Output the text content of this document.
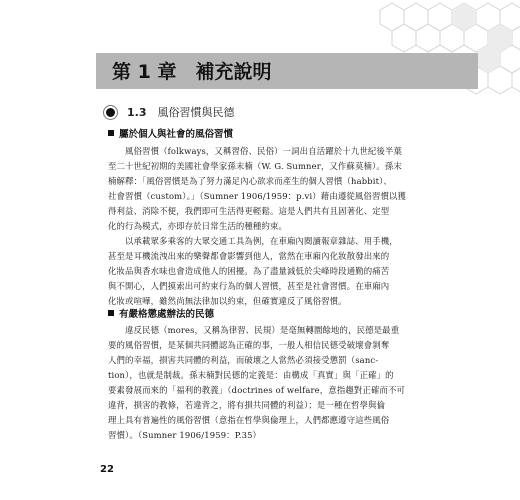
第 1 章　補充說明
1.3 風俗習慣與民德
屬於個人與社會的風俗習慣

風俗習慣（folkways，又稱習俗、民俗）一詞出自活躍於十九世紀後半葉
至二十世紀初期的美國社會學家孫末楠（W. G. Sumner，又作蘇莫楠）。孫末
楠解釋：「風俗習慣是為了努力滿足內心欲求而產生的個人習慣（habbit）、
社會習慣（custom）。」（Sumner 1906/1959：p.vi）藉由遵從風俗習慣以獲
得利益、消除不便，我們即可生活得更輕鬆。這是人們共有且固著化、定型
化的行為模式，亦即存於日常生活的種種約束。

以承載眾多乘客的大眾交通工具為例，在車廂內閱讀報章雜誌、用手機，
甚至是耳機流洩出來的樂聲都會影響到他人，當然在車廂內化妝散發出來的
化妝品與香水味也會造成他人的困擾。為了盡量減低於尖峰時段通勤的痛苦
與不開心，人們摸索出可約束行為的個人習慣，甚至是社會習慣。在車廂內
化妝或喧嘩，雖然尚無法律加以約束，但確實違反了風俗習慣。

有嚴格懲處辦法的民德

違反民德（mores，又稱為律習、民規）是毫無轉圜餘地的，民德是最重
要的風俗習慣，是某個共同體認為正確的事，一般人相信民德受破壞會剝奪
人們的幸福，損害共同體的利益，而破壞之人當然必須接受懲罰（sanc-
tion），也就是制裁。孫末楠對民德的定義是：由構成「真實」與「正確」的
要素發展而來的「福利的教義」（doctrines of welfare，意指趨對正確而不可
違背，損害的教條，若違背之，將有損共同體的利益）；是一種在哲學與倫
理上具有普遍性的風俗習慣（意指在哲學與倫理上，人們都應遵守這些風俗
習慣）。（Sumner 1906/1959：P.35）

22
